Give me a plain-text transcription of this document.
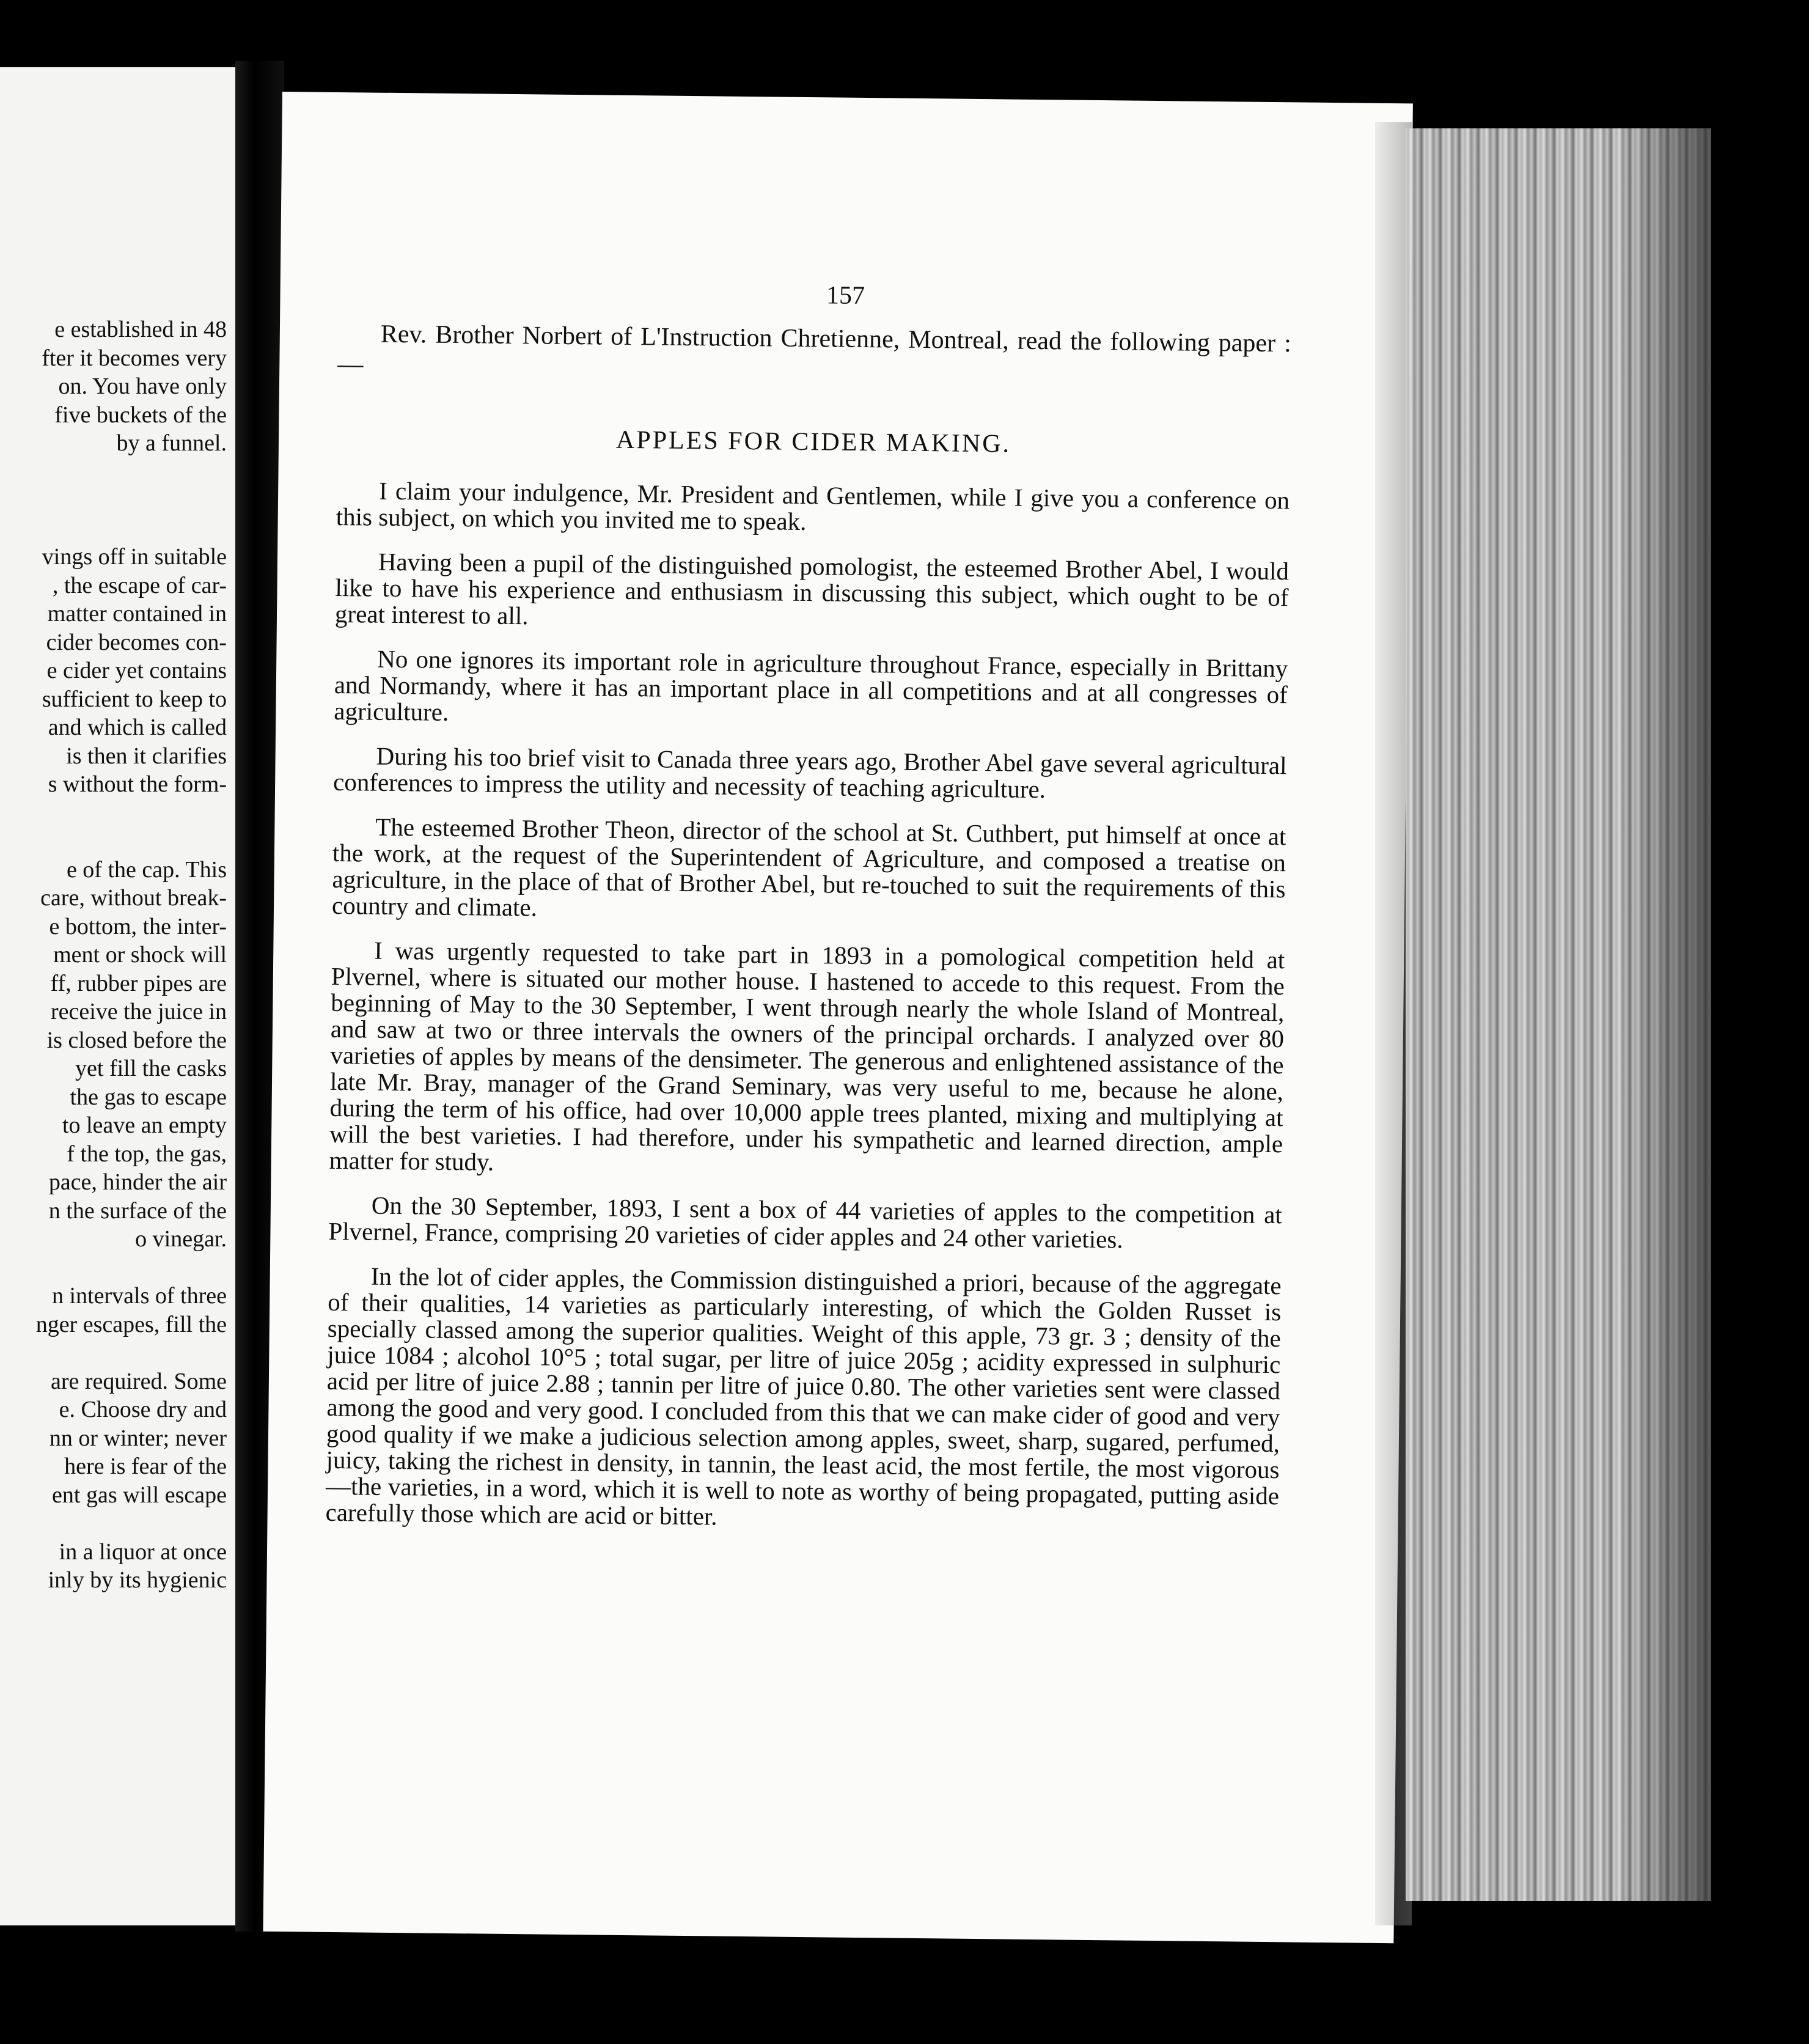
e established in 48
fter it becomes very
on. You have only
five buckets of the
by a funnel.
vings off in suitable
, the escape of car-
matter contained in
cider becomes con-
e cider yet contains
sufficient to keep to
and which is called
is then it clarifies
s without the form-
e of the cap. This
care, without break-
e bottom, the inter-
ment or shock will
ff, rubber pipes are
receive the juice in
is closed before the
yet fill the casks
the gas to escape
to leave an empty
f the top, the gas,
pace, hinder the air
n the surface of the
o vinegar.
n intervals of three
nger escapes, fill the
are required. Some
e. Choose dry and
nn or winter; never
here is fear of the
ent gas will escape
in a liquor at once
inly by its hygienic
157

Rev. Brother Norbert of L'Instruction Chretienne, Montreal, read the following paper :—

APPLES FOR CIDER MAKING.

I claim your indulgence, Mr. President and Gentlemen, while I give you a conference on this subject, on which you invited me to speak.

Having been a pupil of the distinguished pomologist, the esteemed Brother Abel, I would like to have his experience and enthusiasm in discussing this subject, which ought to be of great interest to all.

No one ignores its important role in agriculture throughout France, especially in Brittany and Normandy, where it has an important place in all competitions and at all congresses of agriculture.

During his too brief visit to Canada three years ago, Brother Abel gave several agricultural conferences to impress the utility and necessity of teaching agriculture.

The esteemed Brother Theon, director of the school at St. Cuthbert, put himself at once at the work, at the request of the Superintendent of Agriculture, and composed a treatise on agriculture, in the place of that of Brother Abel, but re-touched to suit the requirements of this country and climate.

I was urgently requested to take part in 1893 in a pomological competition held at Plvernel, where is situated our mother house. I hastened to accede to this request. From the beginning of May to the 30 September, I went through nearly the whole Island of Montreal, and saw at two or three intervals the owners of the principal orchards. I analyzed over 80 varieties of apples by means of the densimeter. The generous and enlightened assistance of the late Mr. Bray, manager of the Grand Seminary, was very useful to me, because he alone, during the term of his office, had over 10,000 apple trees planted, mixing and multiplying at will the best varieties. I had therefore, under his sympathetic and learned direction, ample matter for study.

On the 30 September, 1893, I sent a box of 44 varieties of apples to the competition at Plvernel, France, comprising 20 varieties of cider apples and 24 other varieties.

In the lot of cider apples, the Commission distinguished a priori, because of the aggregate of their qualities, 14 varieties as particularly interesting, of which the Golden Russet is specially classed among the superior qualities. Weight of this apple, 73 gr. 3 ; density of the juice 1084 ; alcohol 10°5 ; total sugar, per litre of juice 205g ; acidity expressed in sulphuric acid per litre of juice 2.88 ; tannin per litre of juice 0.80. The other varieties sent were classed among the good and very good. I concluded from this that we can make cider of good and very good quality if we make a judicious selection among apples, sweet, sharp, sugared, perfumed, juicy, taking the richest in density, in tannin, the least acid, the most fertile, the most vigorous—the varieties, in a word, which it is well to note as worthy of being propagated, putting aside carefully those which are acid or bitter.
